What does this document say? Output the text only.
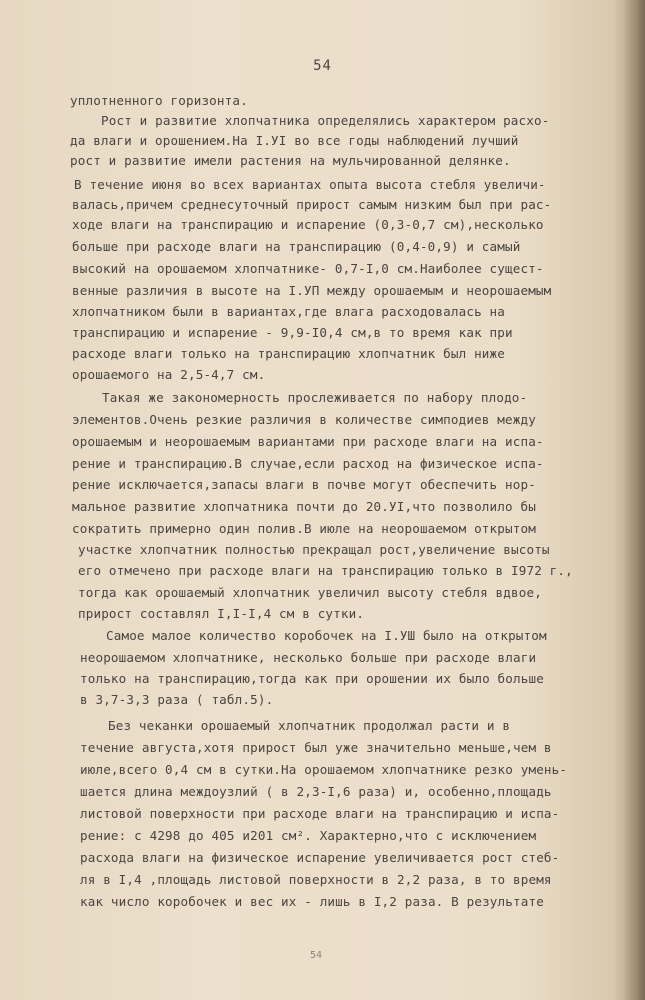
54
уплотненного горизонта.
Рост и развитие хлопчатника определялись характером расхо-
да влаги и орошением.На I.УI во все годы наблюдений лучший
рост и развитие имели растения на мульчированной делянке.
В течение июня во всех вариантах опыта высота стебля увеличи-
валась,причем среднесуточный прирост самым низким был при рас-
ходе влаги на транспирацию и испарение (0,3-0,7 см),несколько
больше при расходе влаги на транспирацию (0,4-0,9) и самый
высокий на орошаемом хлопчатнике- 0,7-I,0 см.Наиболее сущест-
венные различия в высоте на I.УП между орошаемым и неорошаемым
хлопчатником были в вариантах,где влага расходовалась на
транспирацию и испарение - 9,9-I0,4 см,в то время как при
расходе влаги только на транспирацию хлопчатник был ниже
орошаемого на 2,5-4,7 см.
Такая же закономерность прослеживается по набору плодо-
элементов.Очень резкие различия в количестве симподиев между
орошаемым и неорошаемым вариантами при расходе влаги на испа-
рение и транспирацию.В случае,если расход на физическое испа-
рение исключается,запасы влаги в почве могут обеспечить нор-
мальное развитие хлопчатника почти до 20.УI,что позволило бы
сократить примерно один полив.В июле на неорошаемом открытом
участке хлопчатник полностью прекращал рост,увеличение высоты
его отмечено при расходе влаги на транспирацию только в I972 г.,
тогда как орошаемый хлопчатник увеличил высоту стебля вдвое,
прирост составлял I,I-I,4 см в сутки.
Самое малое количество коробочек на I.УШ было на открытом
неорошаемом хлопчатнике, несколько больше при расходе влаги
только на транспирацию,тогда как при орошении их было больше
в 3,7-3,3 раза ( табл.5).
Без чеканки орошаемый хлопчатник продолжал расти и в
течение августа,хотя прирост был уже значительно меньше,чем в
июле,всего 0,4 см в сутки.На орошаемом хлопчатнике резко умень-
шается длина междоузлий ( в 2,3-I,6 раза) и, особенно,площадь
листовой поверхности при расходе влаги на транспирацию и испа-
рение: с 4298 до 405 и201 см². Характерно,что с исключением
расхода влаги на физическое испарение увеличивается рост стеб-
ля в I,4 ,площадь листовой поверхности в 2,2 раза, в то время
как число коробочек и вес их - лишь в I,2 раза. В результате
54
